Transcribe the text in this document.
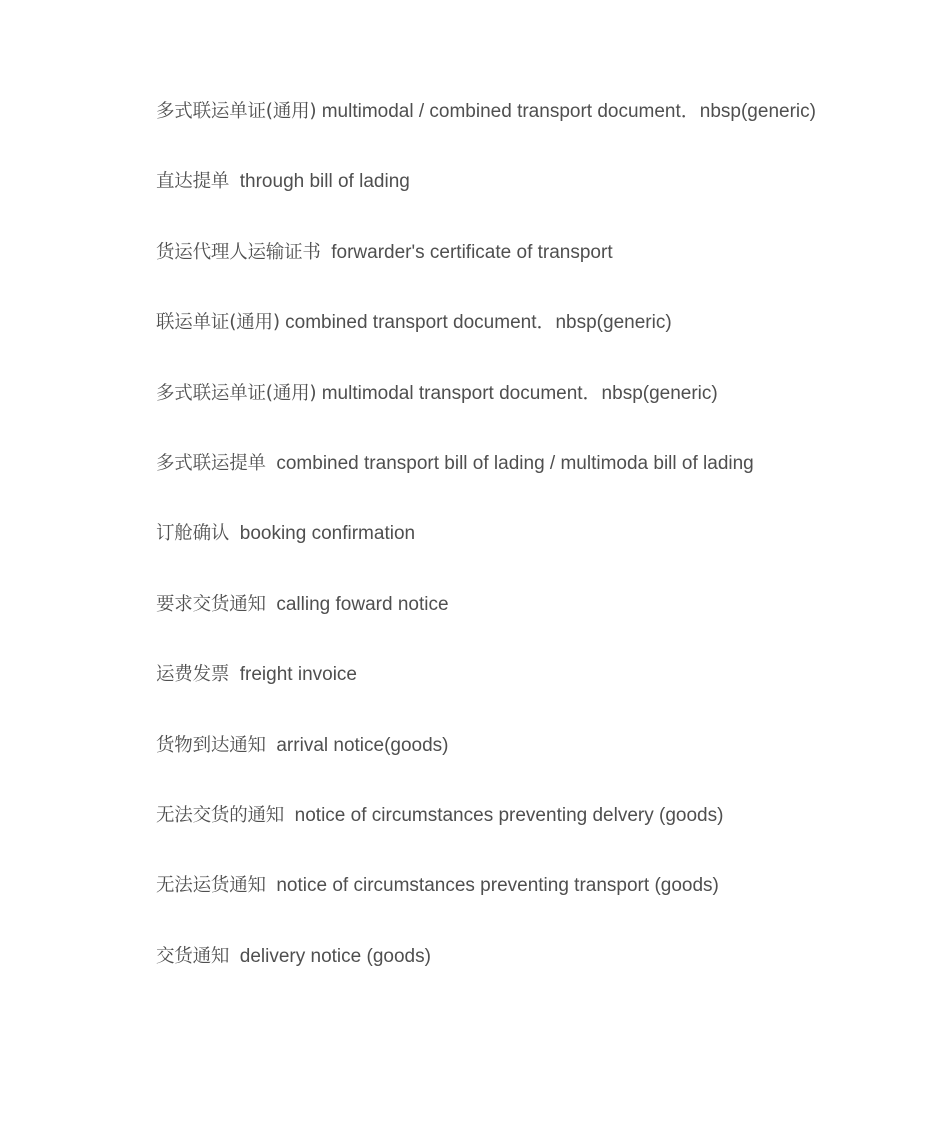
多式联运单证(通用) multimodal / combined transport document．nbsp(generic)
直达提单  through bill of lading
货运代理人运输证书  forwarder's certificate of transport
联运单证(通用) combined transport document．nbsp(generic)
多式联运单证(通用) multimodal transport document．nbsp(generic)
多式联运提单  combined transport bill of lading / multimoda bill of lading
订舱确认  booking confirmation
要求交货通知  calling foward notice
运费发票  freight invoice
货物到达通知  arrival notice(goods)
无法交货的通知  notice of circumstances preventing delvery (goods)
无法运货通知  notice of circumstances preventing transport (goods)
交货通知  delivery notice (goods)
